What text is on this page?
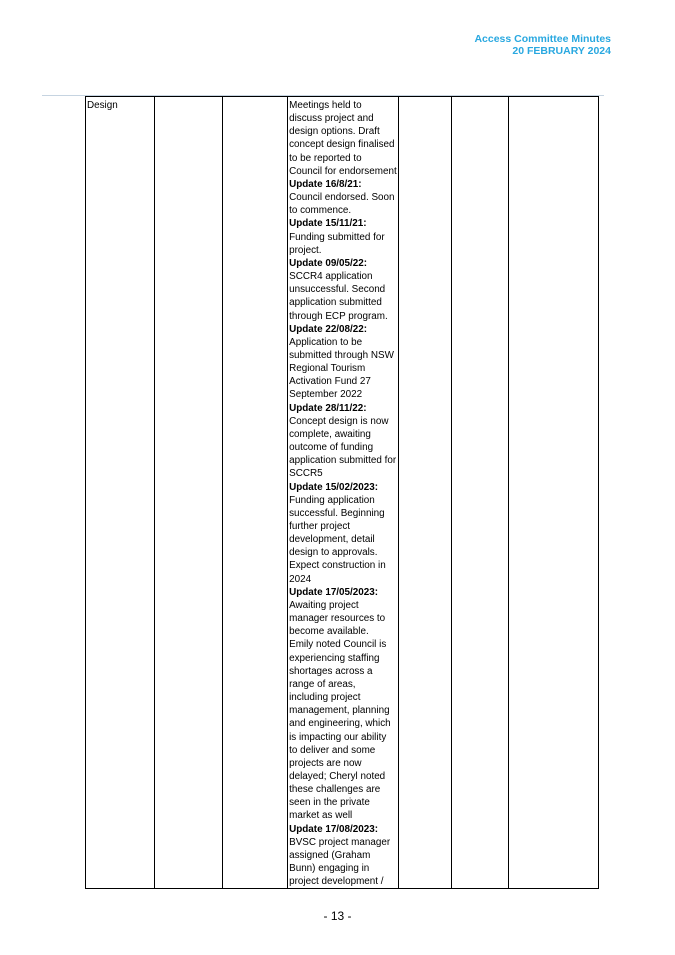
Access Committee Minutes
20 FEBRUARY 2024
Design			Meetings held to discuss project and design options. Draft concept design finalised to be reported to Council for endorsement
Update 16/8/21:
Council endorsed. Soon to commence.
Update 15/11/21:
Funding submitted for project.
Update 09/05/22:
SCCR4 application unsuccessful. Second application submitted through ECP program.
Update 22/08/22:
Application to be submitted through NSW Regional Tourism Activation Fund 27 September 2022
Update 28/11/22:
Concept design is now complete, awaiting outcome of funding application submitted for SCCR5
Update 15/02/2023:
Funding application successful. Beginning further project development, detail design to approvals. Expect construction in 2024
Update 17/05/2023:
Awaiting project manager resources to become available.
Emily noted Council is experiencing staffing shortages across a range of areas, including project management, planning and engineering, which is impacting our ability to deliver and some projects are now delayed; Cheryl noted these challenges are seen in the private market as well
Update 17/08/2023:
BVSC project manager assigned (Graham Bunn) engaging in project development /

- 13 -
